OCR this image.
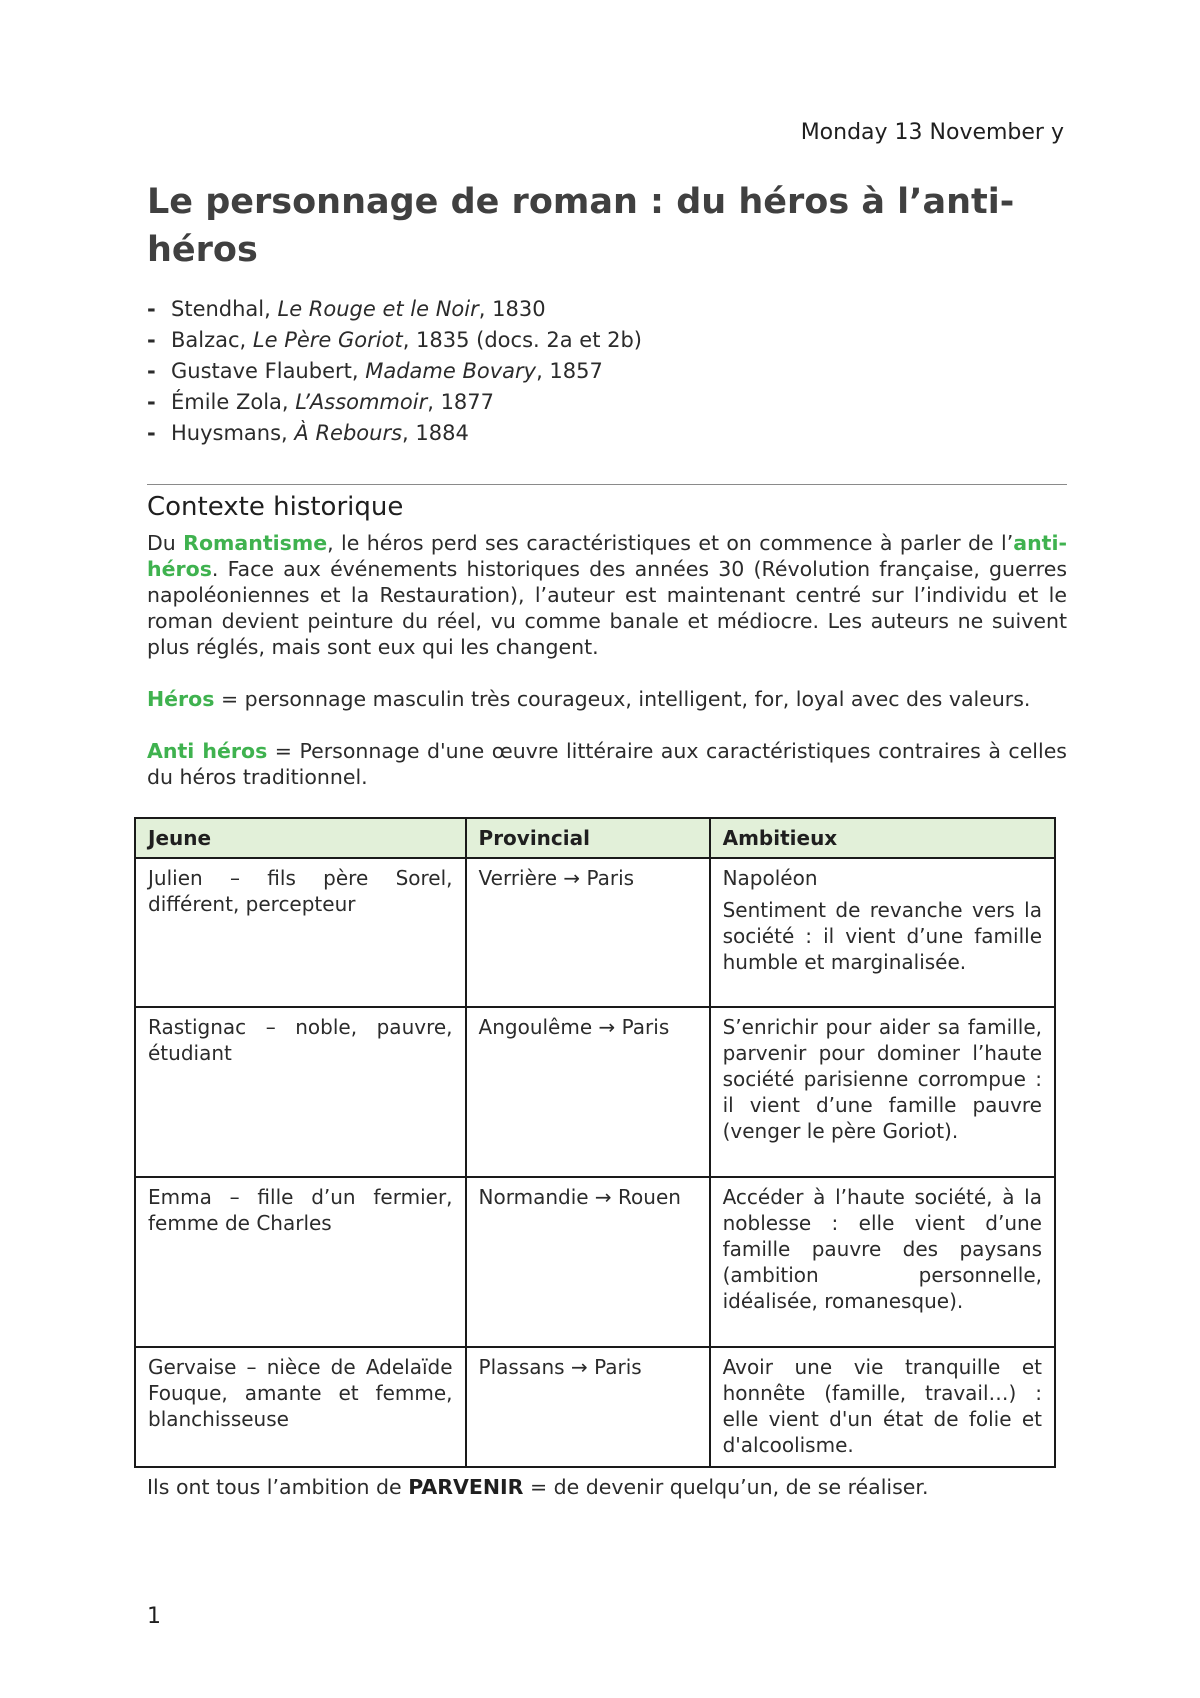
Monday 13 November y
Le personnage de roman : du héros à l’anti-héros
- Stendhal, Le Rouge et le Noir, 1830
- Balzac, Le Père Goriot, 1835 (docs. 2a et 2b)
- Gustave Flaubert, Madame Bovary, 1857
- Émile Zola, L’Assommoir, 1877
- Huysmans, À Rebours, 1884
Contexte historique

Du Romantisme, le héros perd ses caractéristiques et on commence à parler de l’anti-héros. Face aux événements historiques des années 30 (Révolution française, guerres napoléoniennes et la Restauration), l’auteur est maintenant centré sur l’individu et le roman devient peinture du réel, vu comme banale et médiocre. Les auteurs ne suivent plus réglés, mais sont eux qui les changent.

Héros = personnage masculin très courageux, intelligent, for, loyal avec des valeurs.

Anti héros = Personnage d'une œuvre littéraire aux caractéristiques contraires à celles du héros traditionnel.

Jeune	Provincial	Ambitieux
Julien – fils père Sorel, différent, percepteur	Verrière → Paris	Napoléon
Sentiment de revanche vers la société : il vient d’une famille humble et marginalisée.

Rastignac – noble, pauvre, étudiant	Angoulême → Paris	S’enrichir pour aider sa famille, parvenir pour dominer l’haute société parisienne corrompue : il vient d’une famille pauvre (venger le père Goriot).
Emma – fille d’un fermier, femme de Charles	Normandie → Rouen	Accéder à l’haute société, à la noblesse : elle vient d’une famille pauvre des paysans (ambition personnelle, idéalisée, romanesque).
Gervaise – nièce de Adelaïde Fouque, amante et femme, blanchisseuse	Plassans → Paris	Avoir une vie tranquille et honnête (famille, travail…) : elle vient d'un état de folie et d'alcoolisme.

Ils ont tous l’ambition de PARVENIR = de devenir quelqu’un, de se réaliser.

1
